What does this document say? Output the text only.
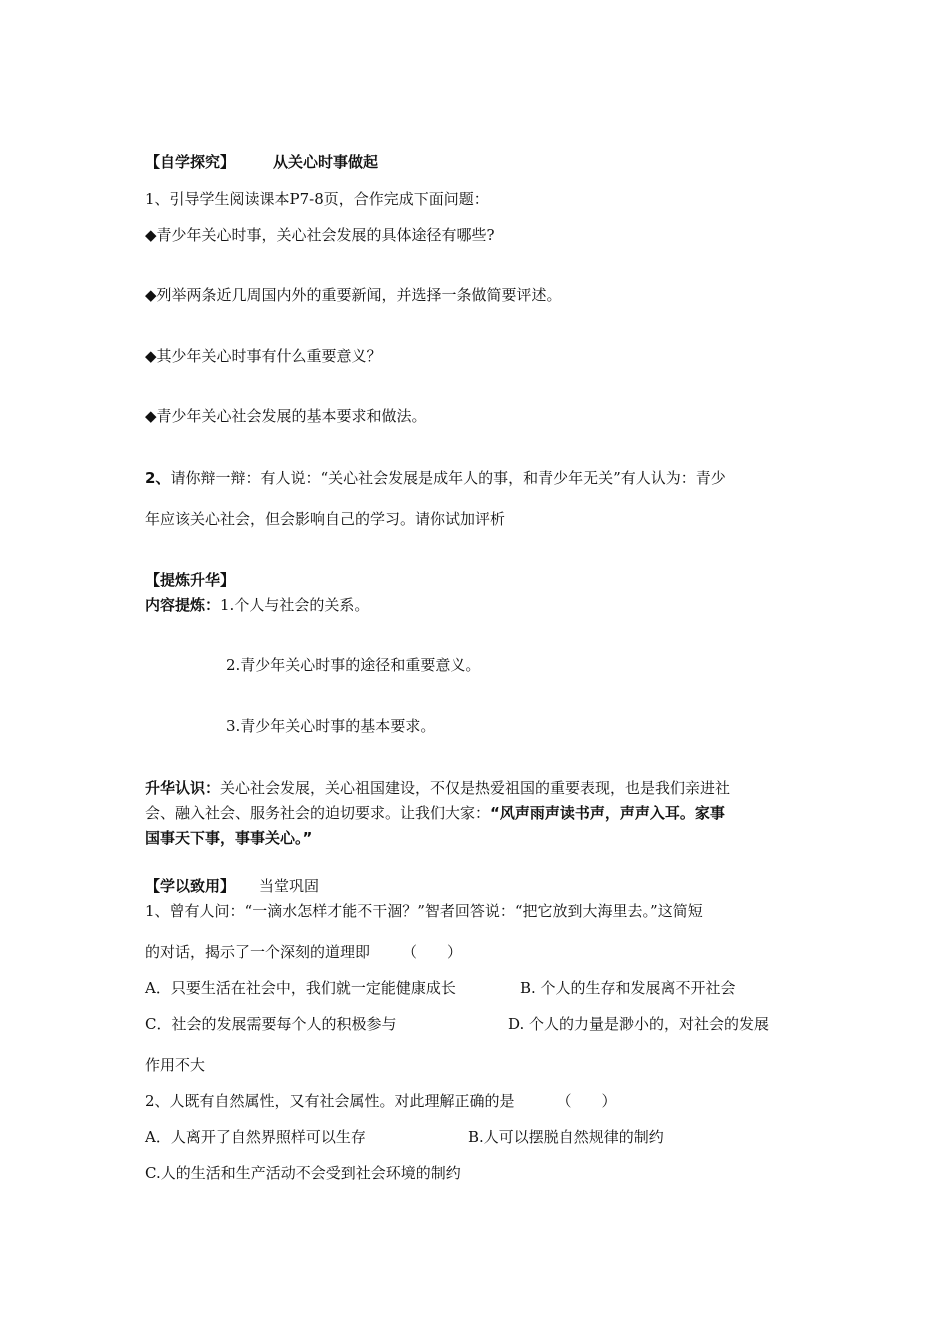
【自学探究】	从关心时事做起
1、引导学生阅读课本P7-8页，合作完成下面问题：
◆青少年关心时事，关心社会发展的具体途径有哪些?
◆列举两条近几周国内外的重要新闻，并选择一条做简要评述。
◆其少年关心时事有什么重要意义？
◆青少年关心社会发展的基本要求和做法。
2、请你辩一辩：有人说：“关心社会发展是成年人的事，和青少年无关”有人认为：青少
年应该关心社会，但会影响自己的学习。请你试加评析
【提炼升华】
内容提炼：1.个人与社会的关系。
2.青少年关心时事的途径和重要意义。
3.青少年关心时事的基本要求。
升华认识：关心社会发展，关心祖国建设，不仅是热爱祖国的重要表现，也是我们亲进社
会、融入社会、服务社会的迫切要求。让我们大家：“风声雨声读书声，声声入耳。家事
国事天下事，事事关心。”
【学以致用】 当堂巩固
1、曾有人问：“一滴水怎样才能不干涸？”智者回答说：“把它放到大海里去。”这简短
的对话，揭示了一个深刻的道理即 （　　）
A．只要生活在社会中，我们就一定能健康成长	B. 个人的生存和发展离不开社会
C．社会的发展需要每个人的积极参与	D. 个人的力量是渺小的，对社会的发展
作用不大
2、人既有自然属性，又有社会属性。对此理解正确的是	（　　）
A．人离开了自然界照样可以生存	B.人可以摆脱自然规律的制约
C.人的生活和生产活动不会受到社会环境的制约
